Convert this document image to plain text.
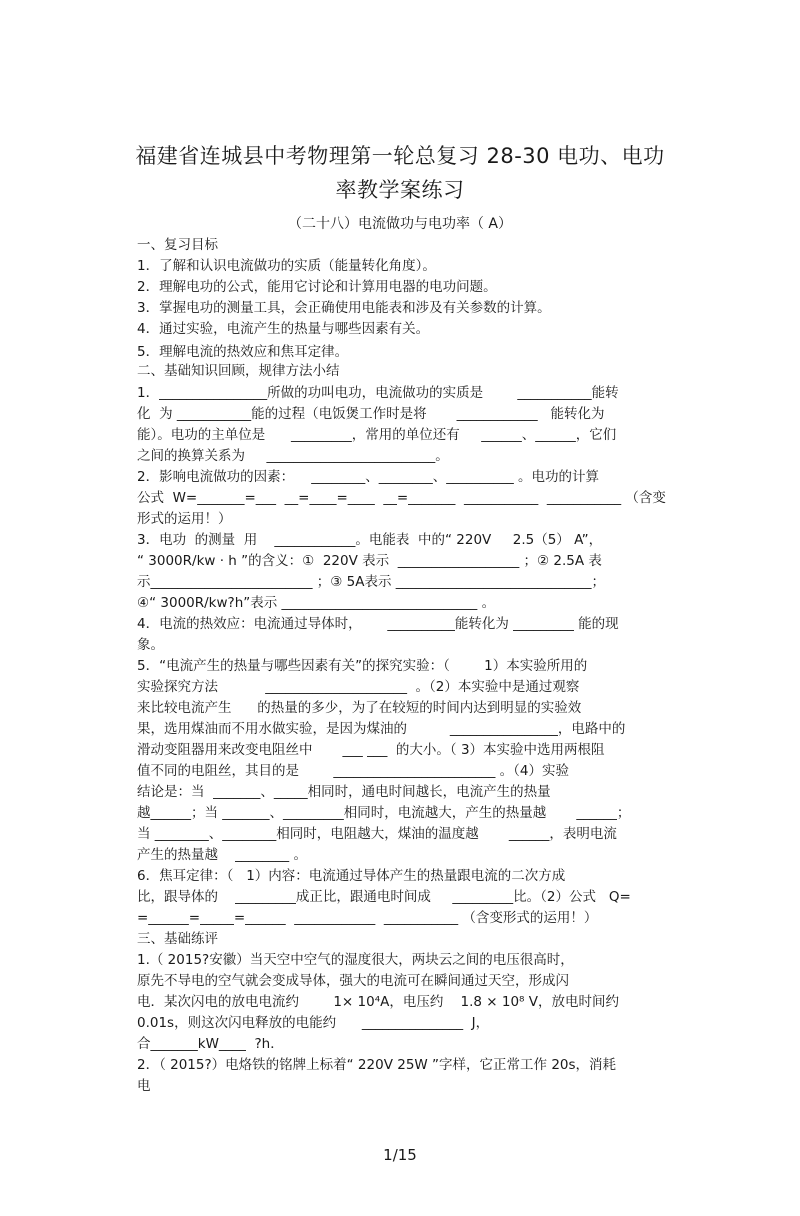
福建省连城县中考物理第一轮总复习 28-30 电功、电功
率教学案练习
（二十八）电流做功与电功率（ A）
一、复习目标
1．了解和认识电流做功的实质（能量转化角度）。
2．理解电功的公式，能用它讨论和计算用电器的电功问题。
3．掌握电功的测量工具，会正确使用电能表和涉及有关参数的计算。
4．通过实验，电流产生的热量与哪些因素有关。
5．理解电流的热效应和焦耳定律。
二、基础知识回顾，规律方法小结
1．________________所做的功叫电功，电流做功的实质是        ___________能转
化  为 ___________能的过程（电饭煲工作时是将       ____________   能转化为
能）。电功的主单位是      _________，常用的单位还有     ______、______，它们
之间的换算关系为     _________________________。
2．影响电流做功的因素：    ________、________、__________ 。电功的计算
公式  W=_______=___  __=____=____  __=_______  ___________  ___________ （含变
形式的运用！）
3．电功  的测量  用    ____________。电能表  中的“ 220V     2.5（5） A”，
“ 3000R/kw · h ”的含义：①  220V 表示  __________________ ；② 2.5A 表
示________________________ ；③ 5A表示 _____________________________；
④“ 3000R/kw?h”表示 _____________________________ 。
4．电流的热效应：电流通过导体时，      __________能转化为 _________ 能的现
象。
5．“电流产生的热量与哪些因素有关”的探究实验：（        1）本实验所用的
实验探究方法           _____________________  。（2）本实验中是通过观察
来比较电流产生      的热量的多少，为了在较短的时间内达到明显的实验效
果，选用煤油而不用水做实验，是因为煤油的          ________________，电路中的
滑动变阻器用来改变电阻丝中       ___ ___  的大小。（ 3）本实验中选用两根阻
值不同的电阻丝，其目的是        ________________________ 。（4）实验
结论是：当  _______、_____相同时，通电时间越长，电流产生的热量
越______；当 _______、_________相同时，电流越大，产生的热量越       ______；
当 ________、________相同时，电阻越大，煤油的温度越       ______，表明电流
产生的热量越    ________ 。
6．焦耳定律：（   1）内容：电流通过导体产生的热量跟电流的二次方成
比，跟导体的    _________成正比，跟通电时间成     _________比。（2）公式   Q=
=______=_____=______  ____________  ___________ （含变形式的运用！）
三、基础练评
1.（ 2015?安徽）当天空中空气的湿度很大，两块云之间的电压很高时，
原先不导电的空气就会变成导体，强大的电流可在瞬间通过天空，形成闪
电．某次闪电的放电电流约        1× 10⁴A，电压约    1.8 × 10⁸ V，放电时间约
0.01s，则这次闪电释放的电能约      _______________  J，
合_______kW____  ?h．
2．（ 2015?）电烙铁的铭牌上标着“ 220V 25W ”字样，它正常工作 20s，消耗
电
1/15
